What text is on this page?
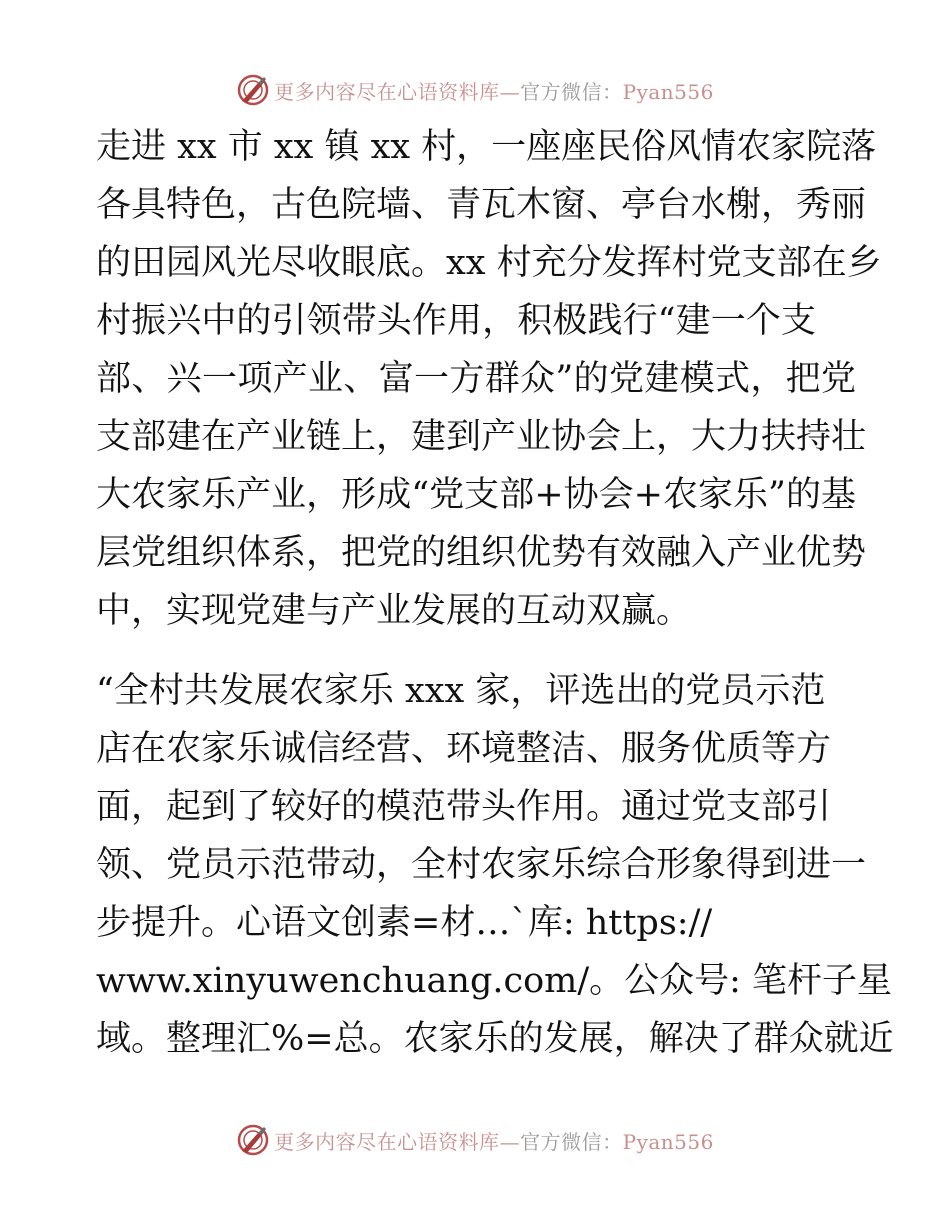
更多内容尽在心语资料库—官方微信：Pyan556
走进 xx 市 xx 镇 xx 村，一座座民俗风情农家院落
各具特色，古色院墙、青瓦木窗、亭台水榭，秀丽
的田园风光尽收眼底。xx 村充分发挥村党支部在乡
村振兴中的引领带头作用，积极践行“建一个支
部、兴一项产业、富一方群众”的党建模式，把党
支部建在产业链上，建到产业协会上，大力扶持壮
大农家乐产业，形成“党支部+协会+农家乐”的基
层党组织体系，把党的组织优势有效融入产业优势
中，实现党建与产业发展的互动双赢。
“全村共发展农家乐 xxx 家，评选出的党员示范
店在农家乐诚信经营、环境整洁、服务优质等方
面，起到了较好的模范带头作用。通过党支部引
领、党员示范带动，全村农家乐综合形象得到进一
步提升。心语文创素=材…`库: https://
www.xinyuwenchuang.com/。公众号: 笔杆子星
域。整理汇%=总。农家乐的发展，解决了群众就近
更多内容尽在心语资料库—官方微信：Pyan556
